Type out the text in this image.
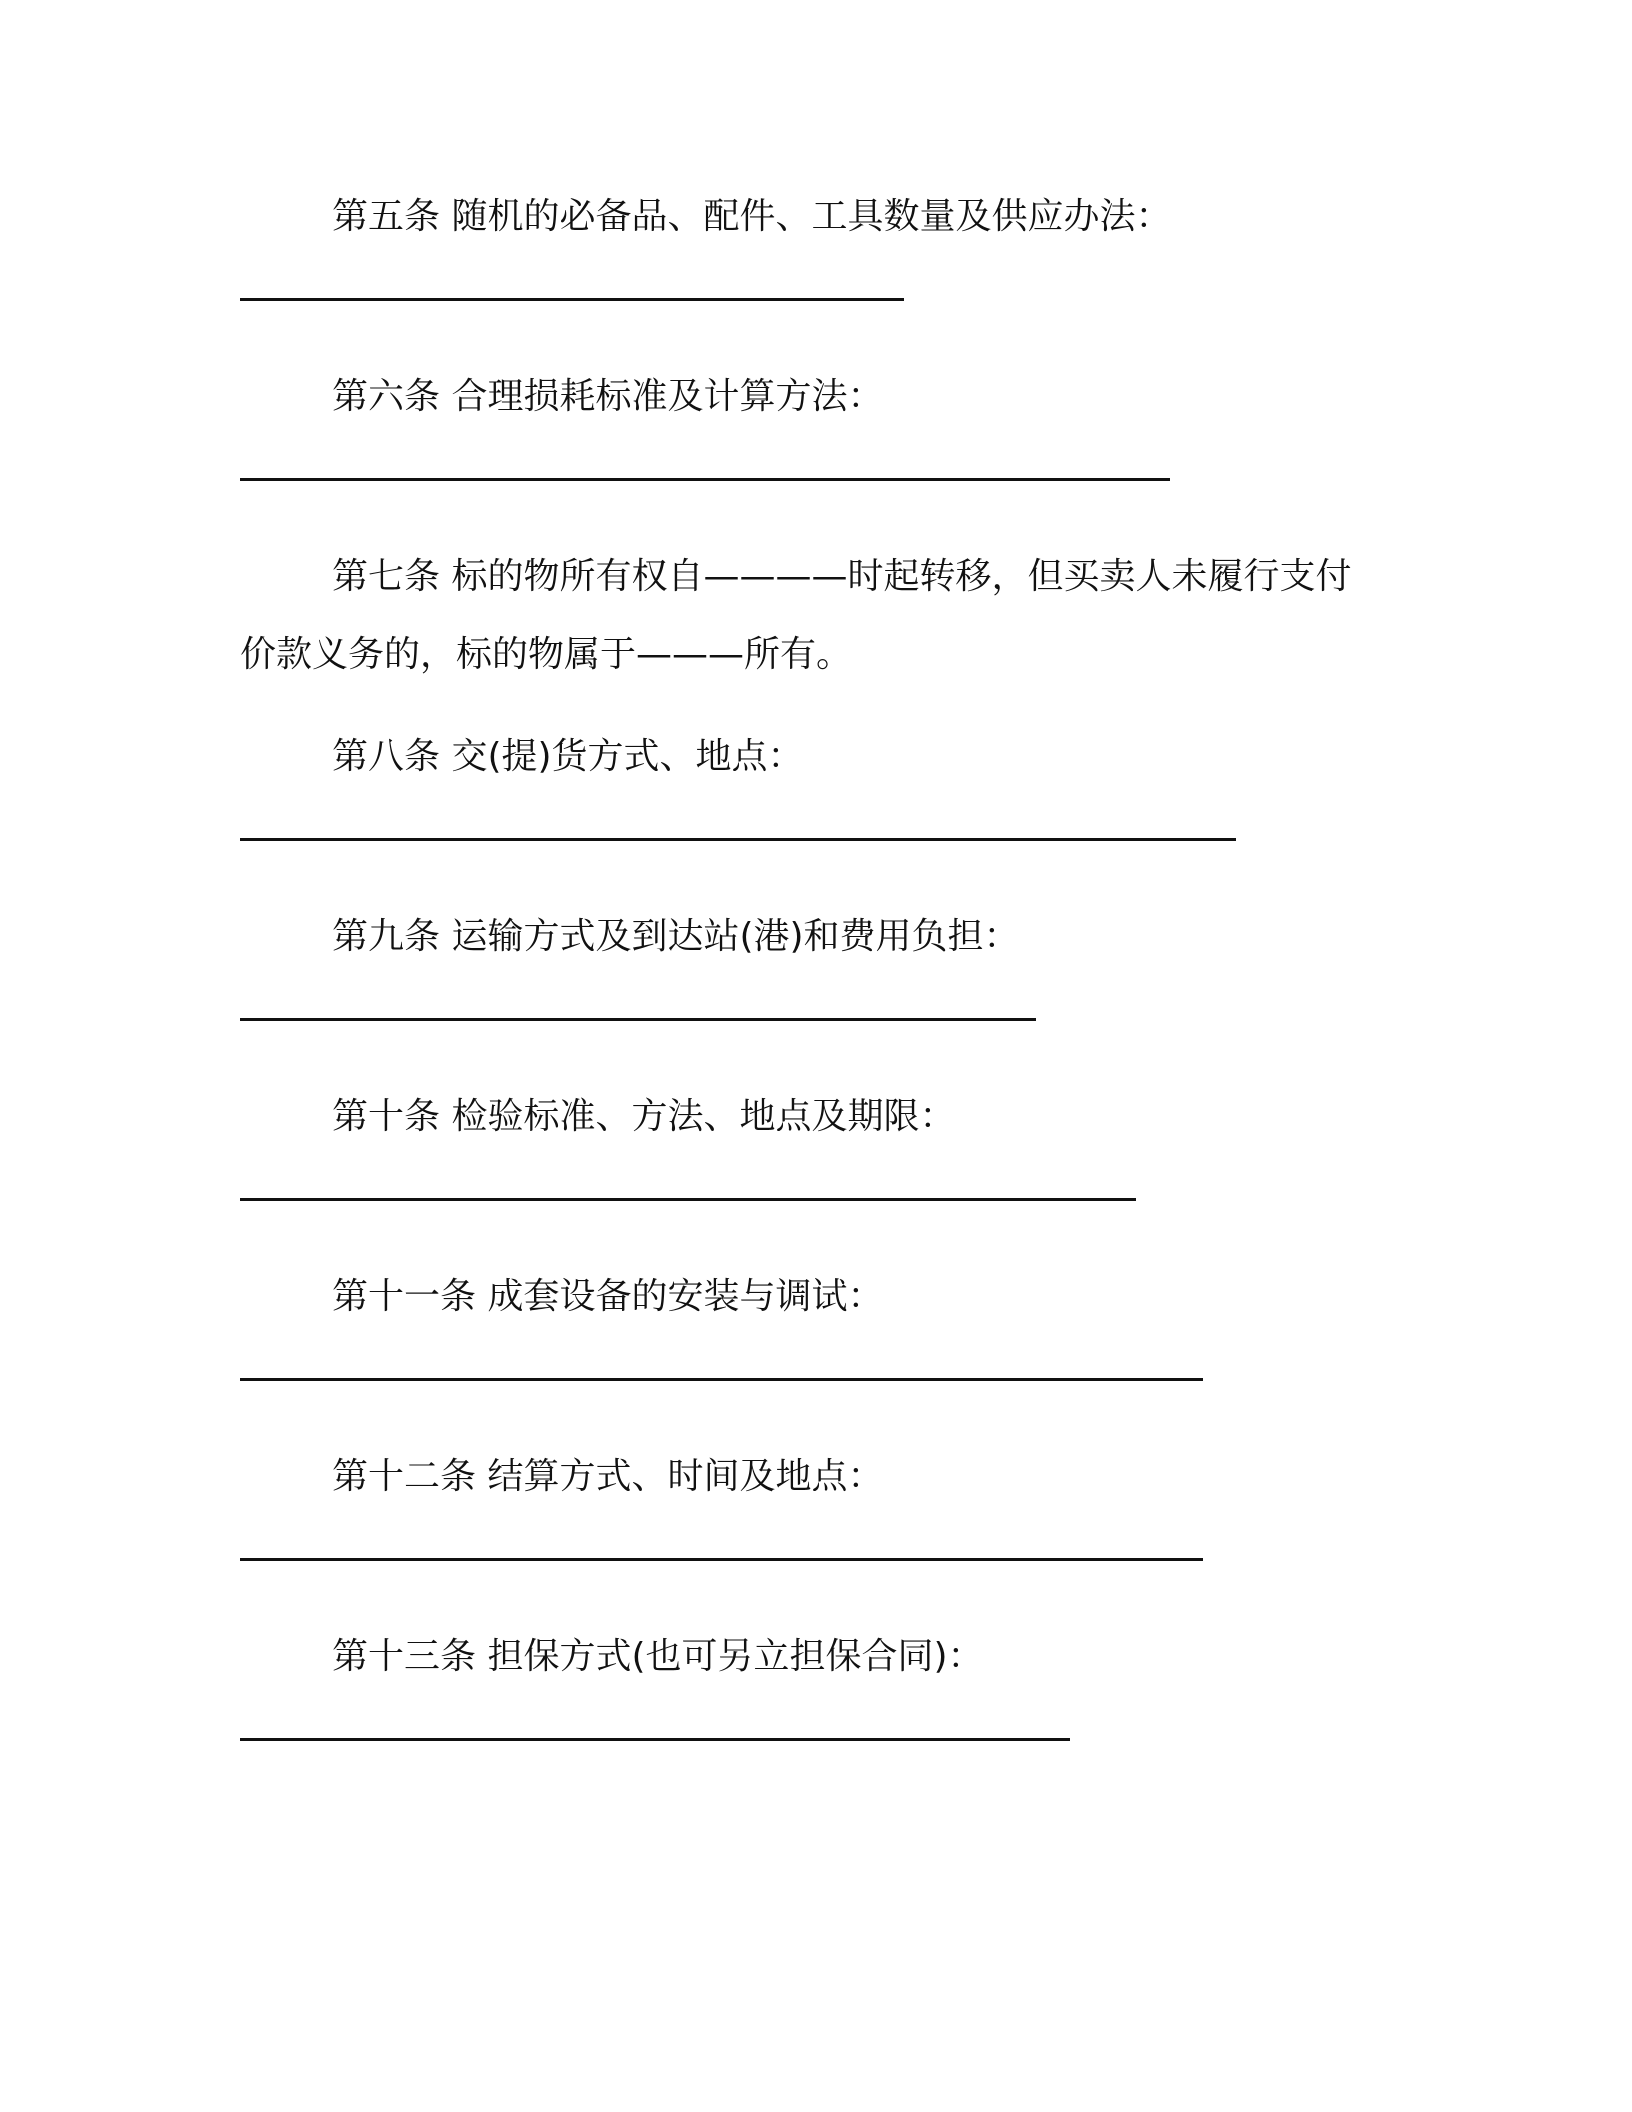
第五条 随机的必备品、配件、工具数量及供应办法：
第六条 合理损耗标准及计算方法：
第七条 标的物所有权自————时起转移，但买卖人未履行支付
价款义务的，标的物属于———所有。
第八条 交(提)货方式、地点：
第九条 运输方式及到达站(港)和费用负担：
第十条 检验标准、方法、地点及期限：
第十一条 成套设备的安装与调试：
第十二条 结算方式、时间及地点：
第十三条 担保方式(也可另立担保合同)：
